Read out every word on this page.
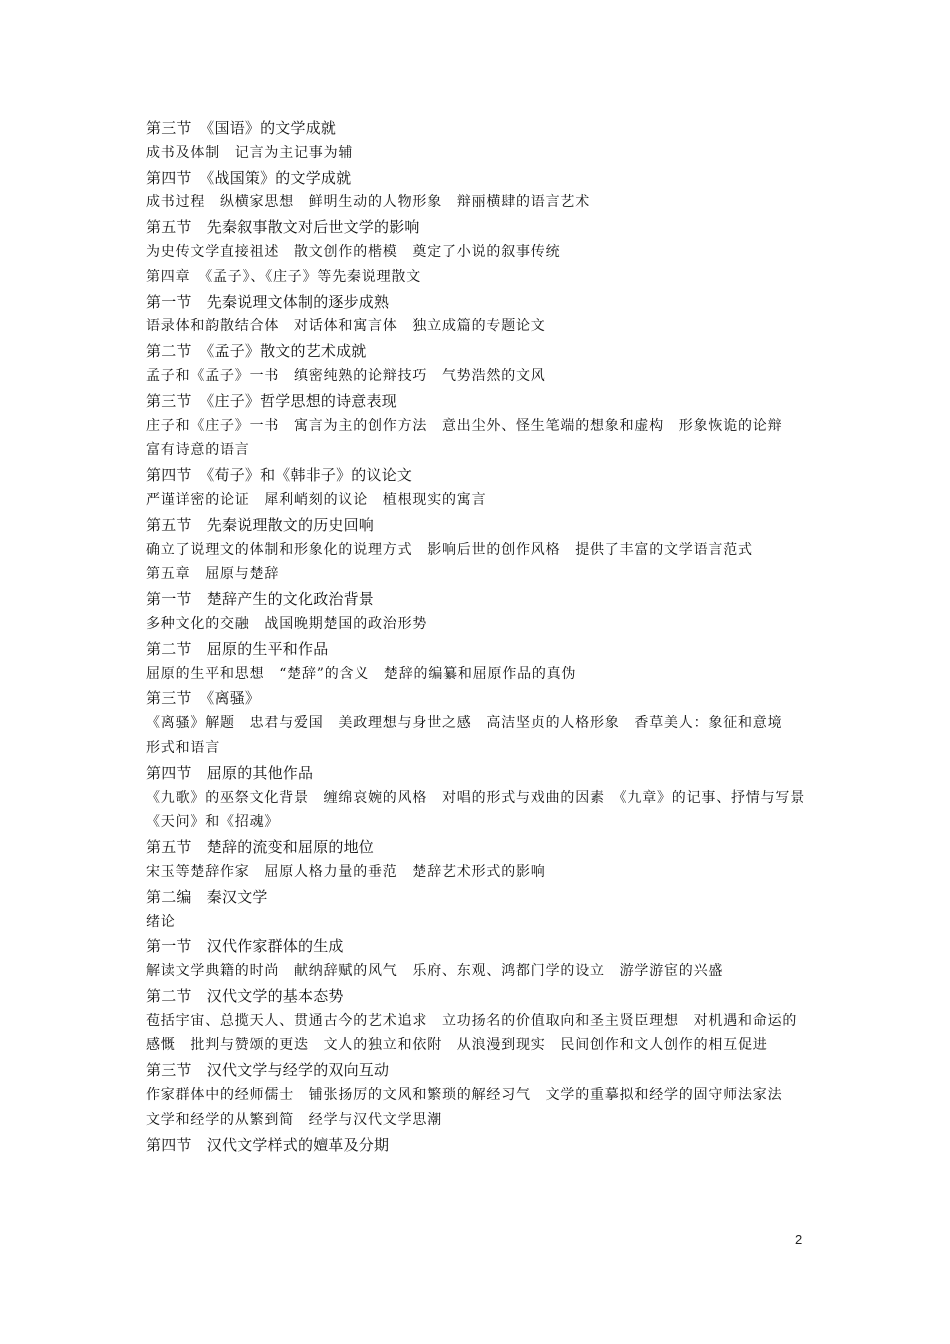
第三节　《国语》的文学成就
成书及体制　记言为主记事为辅
第四节　《战国策》的文学成就
成书过程　纵横家思想　鲜明生动的人物形象　辩丽横肆的语言艺术
第五节　先秦叙事散文对后世文学的影响
为史传文学直接祖述　散文创作的楷模　奠定了小说的叙事传统
第四章　《孟子》、《庄子》等先秦说理散文
第一节　先秦说理文体制的逐步成熟
语录体和韵散结合体　对话体和寓言体　独立成篇的专题论文
第二节　《孟子》散文的艺术成就
孟子和《孟子》一书　缜密纯熟的论辩技巧　气势浩然的文风
第三节　《庄子》哲学思想的诗意表现
庄子和《庄子》一书　寓言为主的创作方法　意出尘外、怪生笔端的想象和虚构　形象恢诡的论辩　富有诗意的语言
第四节　《荀子》和《韩非子》的议论文
严谨详密的论证　犀利峭刻的议论　植根现实的寓言
第五节　先秦说理散文的历史回响
确立了说理文的体制和形象化的说理方式　影响后世的创作风格　提供了丰富的文学语言范式
第五章　屈原与楚辞
第一节　楚辞产生的文化政治背景
多种文化的交融　战国晚期楚国的政治形势
第二节　屈原的生平和作品
屈原的生平和思想　“楚辞”的含义　楚辞的编纂和屈原作品的真伪
第三节　《离骚》
《离骚》解题　忠君与爱国　美政理想与身世之感　高洁坚贞的人格形象　香草美人：象征和意境　形式和语言
第四节　屈原的其他作品
《九歌》的巫祭文化背景　缠绵哀婉的风格　对唱的形式与戏曲的因素　《九章》的记事、抒情与写景　《天问》和《招魂》
第五节　楚辞的流变和屈原的地位
宋玉等楚辞作家　屈原人格力量的垂范　楚辞艺术形式的影响
第二编　秦汉文学
绪论
第一节　汉代作家群体的生成
解读文学典籍的时尚　献纳辞赋的风气　乐府、东观、鸿都门学的设立　游学游宦的兴盛
第二节　汉代文学的基本态势
苞括宇宙、总揽天人、贯通古今的艺术追求　立功扬名的价值取向和圣主贤臣理想　对机遇和命运的感慨　批判与赞颂的更迭　文人的独立和依附　从浪漫到现实　民间创作和文人创作的相互促进
第三节　汉代文学与经学的双向互动
作家群体中的经师儒士　铺张扬厉的文风和繁琐的解经习气　文学的重摹拟和经学的固守师法家法　文学和经学的从繁到简　经学与汉代文学思潮
第四节　汉代文学样式的嬗革及分期
2
